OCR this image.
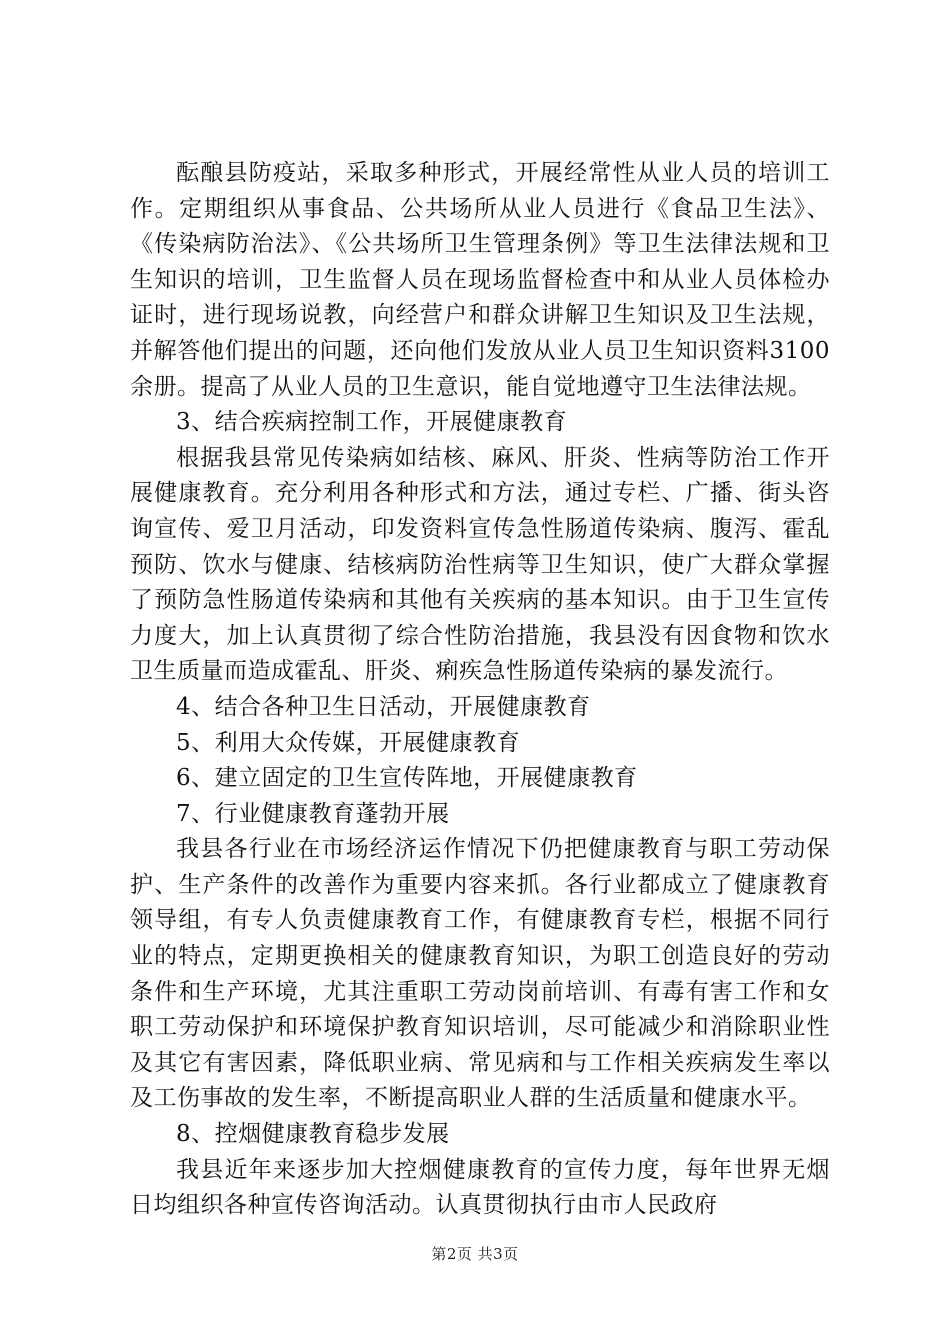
酝酿县防疫站，采取多种形式，开展经常性从业人员的培训工作。定期组织从事食品、公共场所从业人员进行《食品卫生法》、《传染病防治法》、《公共场所卫生管理条例》等卫生法律法规和卫生知识的培训，卫生监督人员在现场监督检查中和从业人员体检办证时，进行现场说教，向经营户和群众讲解卫生知识及卫生法规，并解答他们提出的问题，还向他们发放从业人员卫生知识资料3100余册。提高了从业人员的卫生意识，能自觉地遵守卫生法律法规。

3、结合疾病控制工作，开展健康教育

根据我县常见传染病如结核、麻风、肝炎、性病等防治工作开展健康教育。充分利用各种形式和方法，通过专栏、广播、街头咨询宣传、爱卫月活动，印发资料宣传急性肠道传染病、腹泻、霍乱预防、饮水与健康、结核病防治性病等卫生知识，使广大群众掌握了预防急性肠道传染病和其他有关疾病的基本知识。由于卫生宣传力度大，加上认真贯彻了综合性防治措施，我县没有因食物和饮水卫生质量而造成霍乱、肝炎、痢疾急性肠道传染病的暴发流行。

4、结合各种卫生日活动，开展健康教育

5、利用大众传媒，开展健康教育

6、建立固定的卫生宣传阵地，开展健康教育

7、行业健康教育蓬勃开展

我县各行业在市场经济运作情况下仍把健康教育与职工劳动保护、生产条件的改善作为重要内容来抓。各行业都成立了健康教育领导组，有专人负责健康教育工作，有健康教育专栏，根据不同行业的特点，定期更换相关的健康教育知识，为职工创造良好的劳动条件和生产环境，尤其注重职工劳动岗前培训、有毒有害工作和女职工劳动保护和环境保护教育知识培训，尽可能减少和消除职业性及其它有害因素，降低职业病、常见病和与工作相关疾病发生率以及工伤事故的发生率，不断提高职业人群的生活质量和健康水平。

8、控烟健康教育稳步发展

我县近年来逐步加大控烟健康教育的宣传力度，每年世界无烟日均组织各种宣传咨询活动。认真贯彻执行由市人民政府

第2页 共3页
